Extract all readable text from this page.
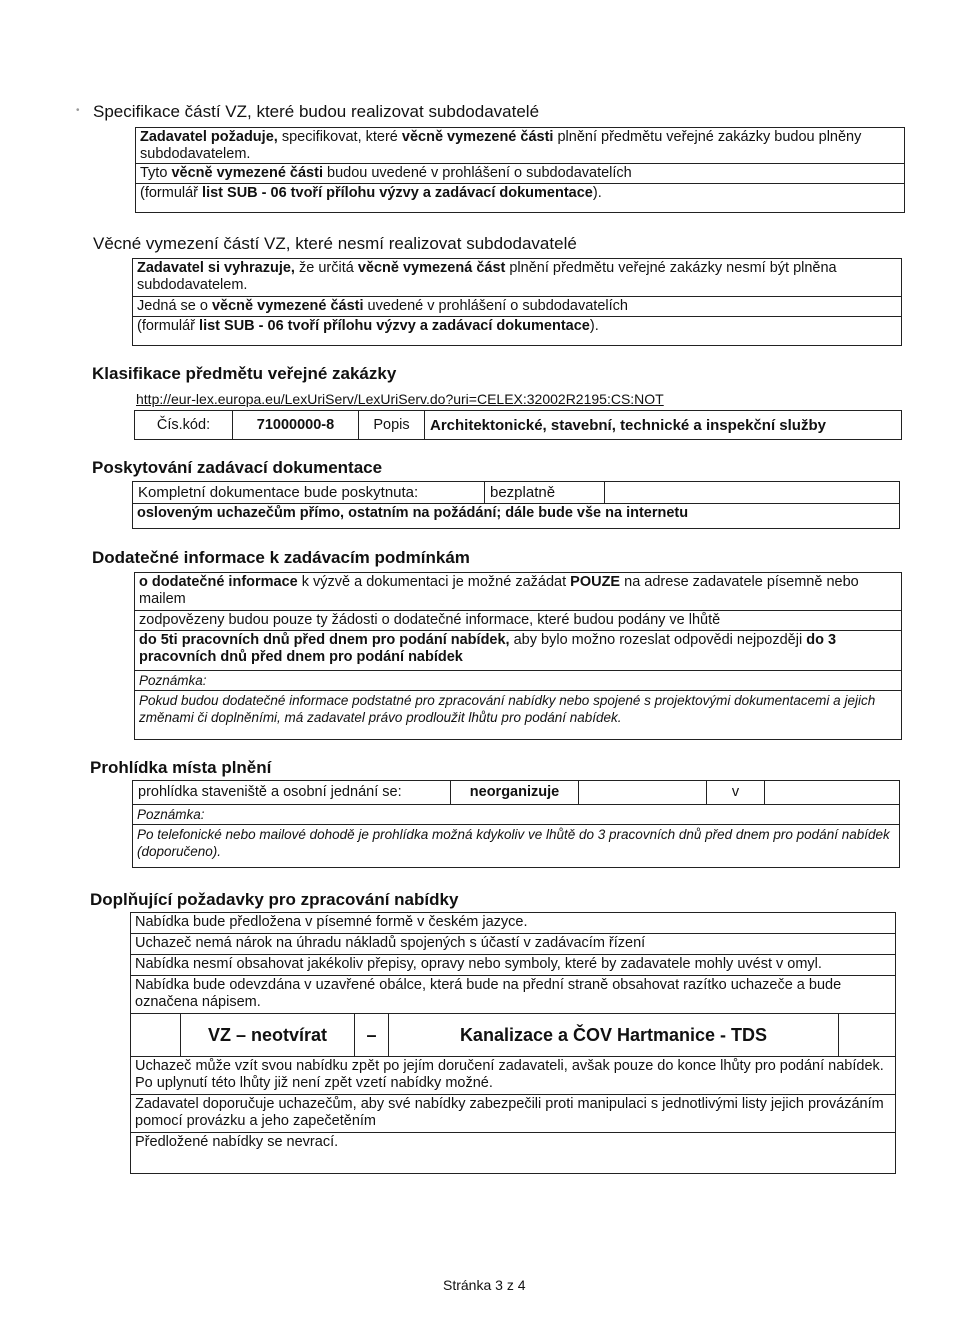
• Specifikace částí VZ, které budou realizovat subdodavatelé
Zadavatel požaduje, specifikovat, které věcně vymezené části plnění předmětu veřejné zakázky budou plněny subdodavatelem.
Tyto věcně vymezené části budou uvedené v prohlášení o subdodavatelích
(formulář list SUB - 06 tvoří přílohu výzvy a zadávací dokumentace).
Věcné vymezení částí VZ, které nesmí realizovat subdodavatelé
Zadavatel si vyhrazuje, že určitá věcně vymezená část plnění předmětu veřejné zakázky nesmí být plněna subdodavatelem.
Jedná se o věcně vymezené části uvedené v prohlášení o subdodavatelích
(formulář list SUB - 06 tvoří přílohu výzvy a zadávací dokumentace).
Klasifikace předmětu veřejné zakázky
http://eur-lex.europa.eu/LexUriServ/LexUriServ.do?uri=CELEX:32002R2195:CS:NOT
Čís.kód:	71000000-8	Popis	Architektonické, stavební, technické a inspekční služby
Poskytování zadávací dokumentace
Kompletní dokumentace bude poskytnuta:	bezplatně
osloveným uchazečům přímo, ostatním na požádání; dále bude vše na internetu
Dodatečné informace k zadávacím podmínkám
o dodatečné informace k výzvě a dokumentaci je možné zažádat POUZE na adrese zadavatele písemně nebo mailem
zodpovězeny budou pouze ty žádosti o dodatečné informace, které budou podány ve lhůtě
do 5ti pracovních dnů před dnem pro podání nabídek, aby bylo možno rozeslat odpovědi nejpozději do 3 pracovních dnů před dnem pro podání nabídek
Poznámka:
Pokud budou dodatečné informace podstatné pro zpracování nabídky nebo spojené s projektovými dokumentacemi a jejich změnami či doplněními, má zadavatel právo prodloužit lhůtu pro podání nabídek.
Prohlídka místa plnění
prohlídka staveniště a osobní jednání se:	neorganizuje	v
Poznámka:
Po telefonické nebo mailové dohodě je prohlídka možná kdykoliv ve lhůtě do 3 pracovních dnů před dnem pro podání nabídek (doporučeno).
Doplňující požadavky pro zpracování nabídky
Nabídka bude předložena v písemné formě v českém jazyce.
Uchazeč nemá nárok na úhradu nákladů spojených s účastí v zadávacím řízení
Nabídka nesmí obsahovat jakékoliv přepisy, opravy nebo symboly, které by zadavatele mohly uvést v omyl.
Nabídka bude odevzdána v uzavřené obálce, která bude na přední straně obsahovat razítko uchazeče a bude označena nápisem.
VZ – neotvírat	–	Kanalizace a ČOV Hartmanice - TDS
Uchazeč může vzít svou nabídku zpět po jejím doručení zadavateli, avšak pouze do konce lhůty pro podání nabídek. Po uplynutí této lhůty již není zpět vzetí nabídky možné.
Zadavatel doporučuje uchazečům, aby své nabídky zabezpečili proti manipulaci s jednotlivými listy jejich provázáním pomocí provázku a jeho zapečetěním
Předložené nabídky se nevrací.
Stránka 3 z 4
